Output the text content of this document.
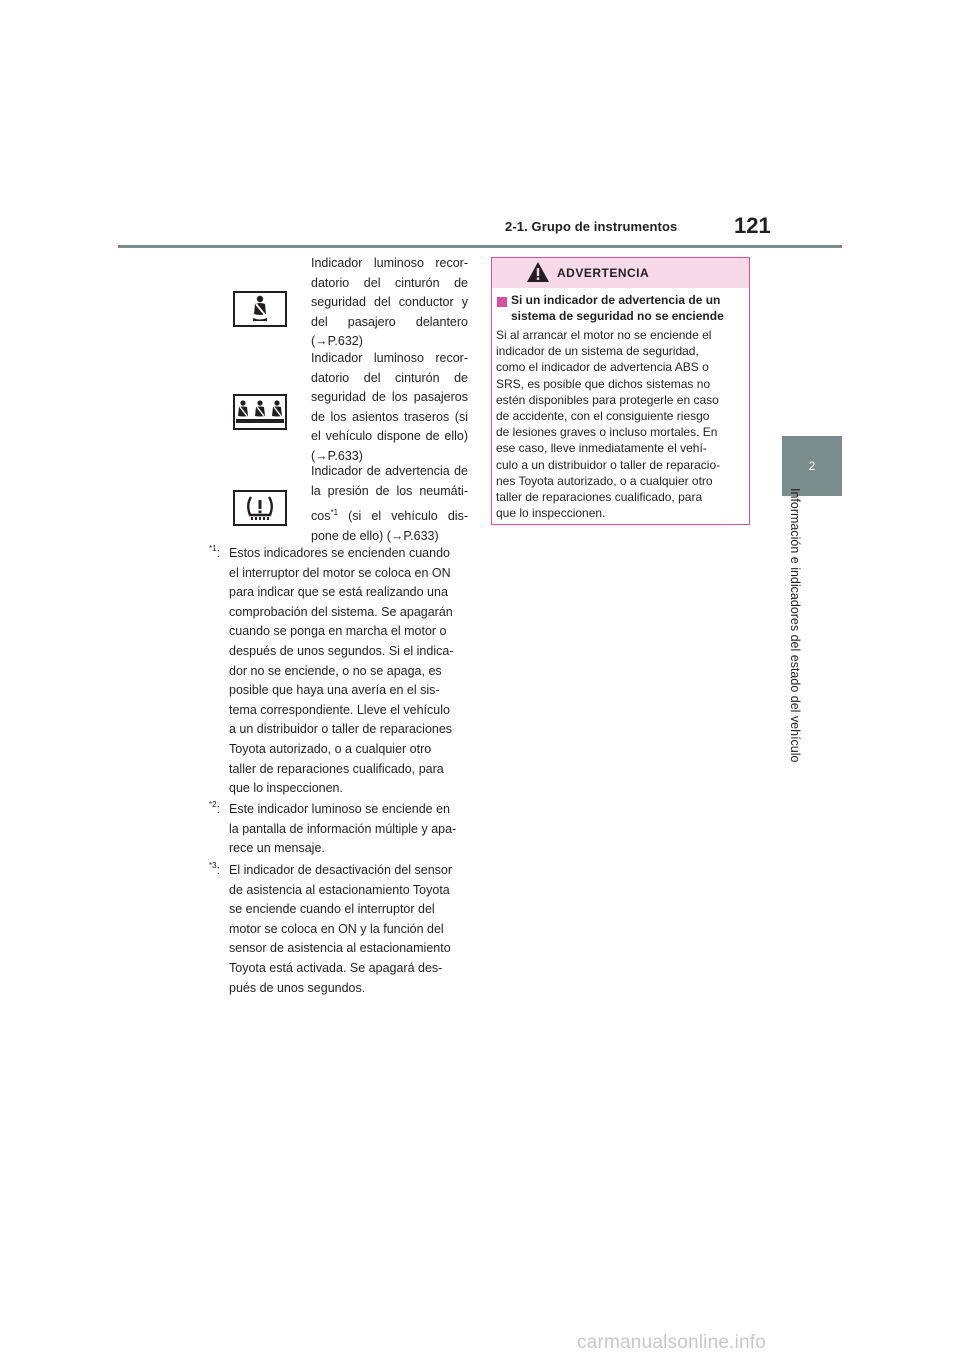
2-1. Grupo de instrumentos	121
2
Información e indicadores del estado del vehículo
Indicador luminoso recor-
datorio del cinturón de
seguridad del conductor y
del pasajero delantero
(→P.632)
Indicador luminoso recor-
datorio del cinturón de
seguridad de los pasajeros
de los asientos traseros (si
el vehículo dispone de ello)
(→P.633)
Indicador de advertencia de
la presión de los neumáti-
$\cos^{*1} (si$ el vehículo dis-
pone de ello) (→P.633)
$^{*1}$: Estos indicadores se encienden cuando
el interruptor del motor se coloca en ON
para indicar que se está realizando una
comprobación del sistema. Se apagarán
cuando se ponga en marcha el motor o
después de unos segundos. Si el indica-
dor no se enciende, o no se apaga, es
posible que haya una avería en el sis-
tema correspondiente. Lleve el vehículo
a un distribuidor o taller de reparaciones
Toyota autorizado, o a cualquier otro
taller de reparaciones cualificado, para
que lo inspeccionen.
$^{*2}$: Este indicador luminoso se enciende en
la pantalla de información múltiple y apa-
rece un mensaje.
$^{*3}$: El indicador de desactivación del sensor
de asistencia al estacionamiento Toyota
se enciende cuando el interruptor del
motor se coloca en ON y la función del
sensor de asistencia al estacionamiento
Toyota está activada. Se apagará des-
pués de unos segundos.
ADVERTENCIA
Si un indicador de advertencia de un
sistema de seguridad no se enciende
Si al arrancar el motor no se enciende el
indicador de un sistema de seguridad,
como el indicador de advertencia ABS o
SRS, es posible que dichos sistemas no
estén disponibles para protegerle en caso
de accidente, con el consiguiente riesgo
de lesiones graves o incluso mortales. En
ese caso, lleve inmediatamente el vehí-
culo a un distribuidor o taller de reparacio-
nes Toyota autorizado, o a cualquier otro
taller de reparaciones cualificado, para
que lo inspeccionen.
carmanualsonline.info
